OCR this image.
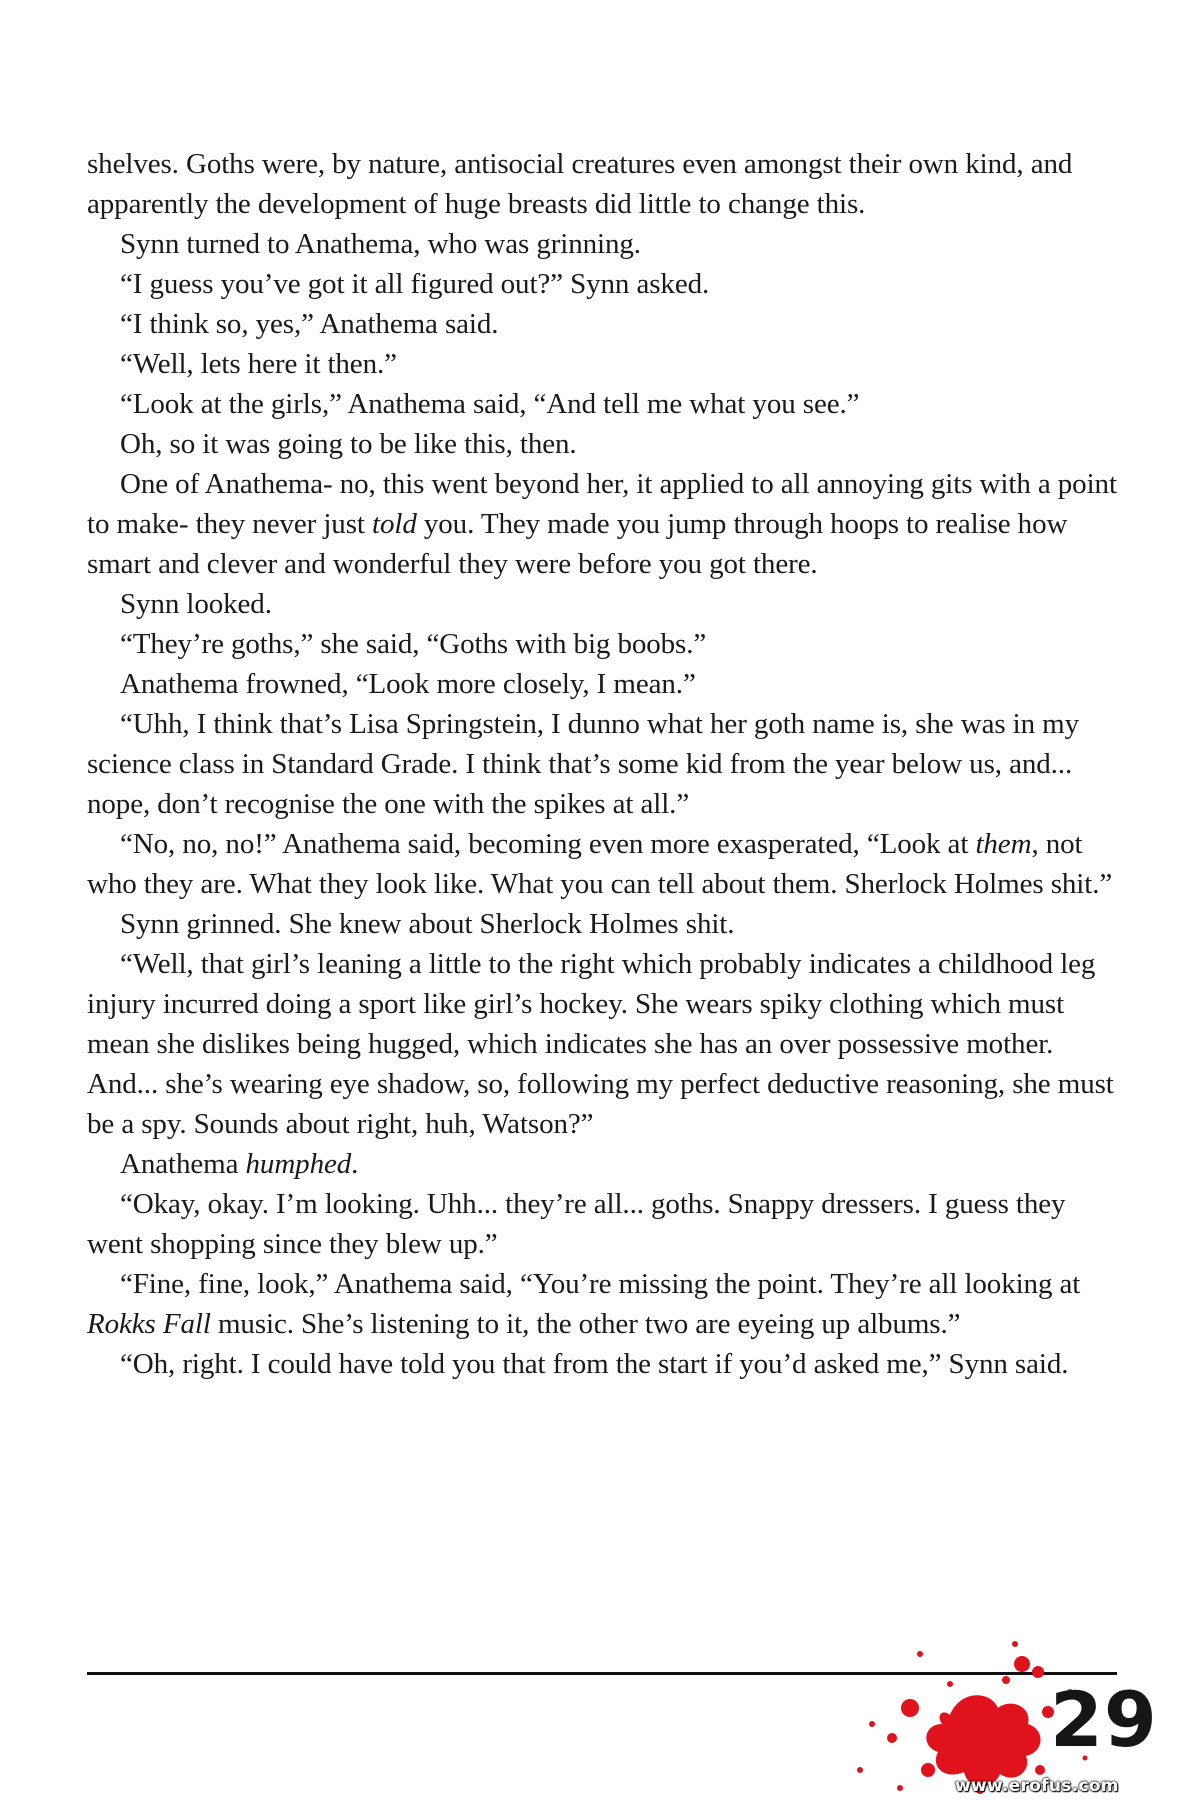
shelves. Goths were, by nature, antisocial creatures even amongst their own kind, and apparently the development of huge breasts did little to change this.

Synn turned to Anathema, who was grinning.

“I guess you’ve got it all figured out?” Synn asked.

“I think so, yes,” Anathema said.

“Well, lets here it then.”

“Look at the girls,” Anathema said, “And tell me what you see.”

Oh, so it was going to be like this, then.

One of Anathema- no, this went beyond her, it applied to all annoying gits with a point to make- they never just told you. They made you jump through hoops to realise how smart and clever and wonderful they were before you got there.

Synn looked.

“They’re goths,” she said, “Goths with big boobs.”

Anathema frowned, “Look more closely, I mean.”

“Uhh, I think that’s Lisa Springstein, I dunno what her goth name is, she was in my science class in Standard Grade. I think that’s some kid from the year below us, and... nope, don’t recognise the one with the spikes at all.”

“No, no, no!” Anathema said, becoming even more exasperated, “Look at them, not who they are. What they look like. What you can tell about them. Sherlock Holmes shit.”

Synn grinned. She knew about Sherlock Holmes shit.

“Well, that girl’s leaning a little to the right which probably indicates a childhood leg injury incurred doing a sport like girl’s hockey. She wears spiky clothing which must mean she dislikes being hugged, which indicates she has an over possessive mother. And... she’s wearing eye shadow, so, following my perfect deductive reasoning, she must be a spy. Sounds about right, huh, Watson?”

Anathema humphed.

“Okay, okay. I’m looking. Uhh... they’re all... goths. Snappy dressers. I guess they went shopping since they blew up.”

“Fine, fine, look,” Anathema said, “You’re missing the point. They’re all looking at Rokks Fall music. She’s listening to it, the other two are eyeing up albums.”

“Oh, right. I could have told you that from the start if you’d asked me,” Synn said.

29
www.erofus.com
